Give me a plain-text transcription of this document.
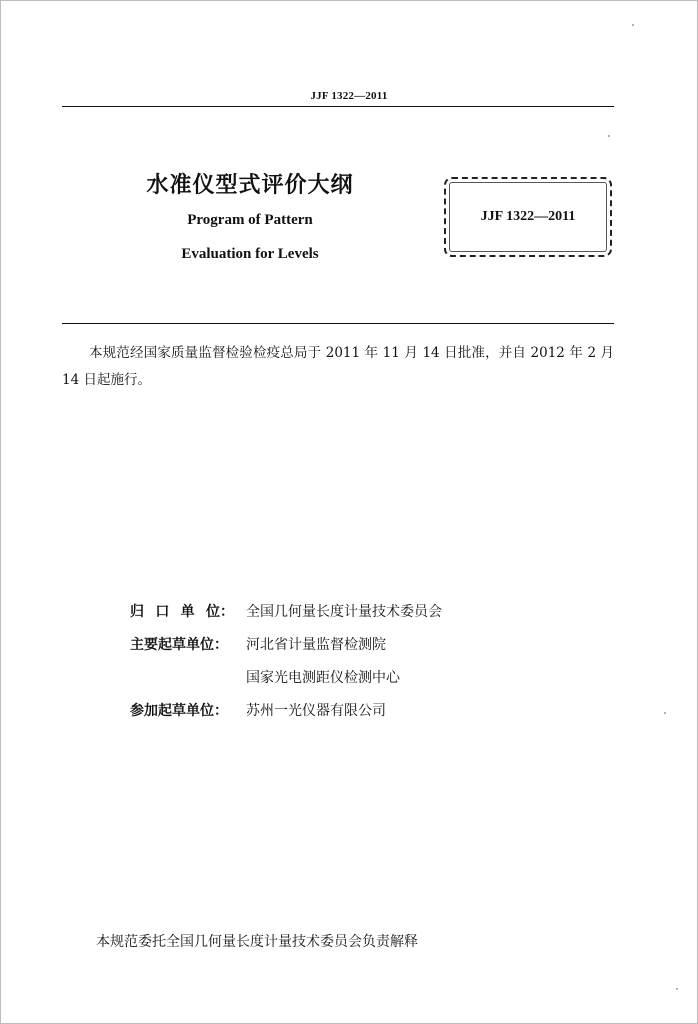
JJF 1322—2011
水准仪型式评价大纲
Program of Pattern
Evaluation for Levels
JJF 1322—2011
本规范经国家质量监督检验检疫总局于 2011 年 11 月 14 日批准，并自 2012 年 2 月 14 日起施行。
归 口 单 位： 全国几何量长度计量技术委员会
主要起草单位：	河北省计量监督检测院
国家光电测距仪检测中心
参加起草单位：	苏州一光仪器有限公司
本规范委托全国几何量长度计量技术委员会负责解释
